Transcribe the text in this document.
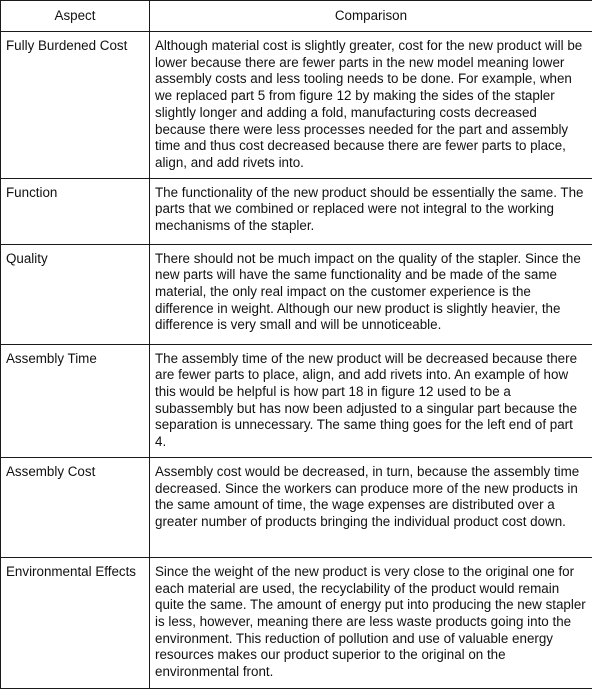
Aspect	Comparison
Fully Burdened Cost	Although material cost is slightly greater, cost for the new product will be lower because there are fewer parts in the new model meaning lower assembly costs and less tooling needs to be done. For example, when we replaced part 5 from figure 12 by making the sides of the stapler slightly longer and adding a fold, manufacturing costs decreased because there were less processes needed for the part and assembly time and thus cost decreased because there are fewer parts to place, align, and add rivets into.
Function	The functionality of the new product should be essentially the same. The parts that we combined or replaced were not integral to the working mechanisms of the stapler.
Quality	There should not be much impact on the quality of the stapler. Since the new parts will have the same functionality and be made of the same material, the only real impact on the customer experience is the difference in weight. Although our new product is slightly heavier, the difference is very small and will be unnoticeable.
Assembly Time	The assembly time of the new product will be decreased because there are fewer parts to place, align, and add rivets into. An example of how this would be helpful is how part 18 in figure 12 used to be a subassembly but has now been adjusted to a singular part because the separation is unnecessary. The same thing goes for the left end of part 4.
Assembly Cost	Assembly cost would be decreased, in turn, because the assembly time decreased. Since the workers can produce more of the new products in the same amount of time, the wage expenses are distributed over a greater number of products bringing the individual product cost down.
Environmental Effects	Since the weight of the new product is very close to the original one for each material are used, the recyclability of the product would remain quite the same. The amount of energy put into producing the new stapler is less, however, meaning there are less waste products going into the environment. This reduction of pollution and use of valuable energy resources makes our product superior to the original on the environmental front.
